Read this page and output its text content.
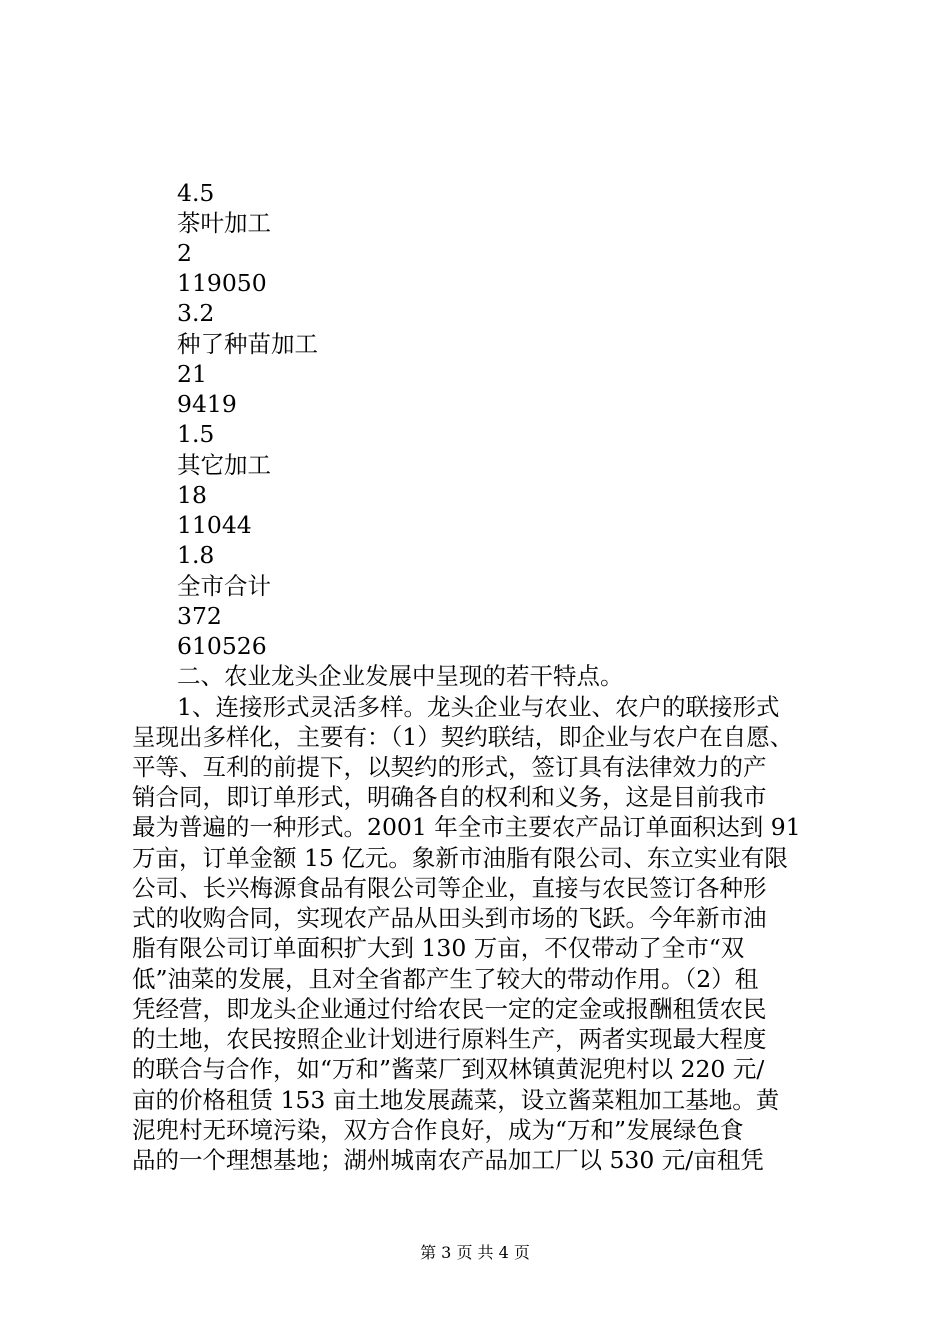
4.5
茶叶加工
2
119050
3.2
种了种苗加工
21
9419
1.5
其它加工
18
11044
1.8
全市合计
372
610526
二、农业龙头企业发展中呈现的若干特点。
1、连接形式灵活多样。龙头企业与农业、农户的联接形式
呈现出多样化，主要有：（1）契约联结，即企业与农户在自愿、
平等、互利的前提下，以契约的形式，签订具有法律效力的产
销合同，即订单形式，明确各自的权利和义务，这是目前我市
最为普遍的一种形式。2001 年全市主要农产品订单面积达到 91
万亩，订单金额 15 亿元。象新市油脂有限公司、东立实业有限
公司、长兴梅源食品有限公司等企业，直接与农民签订各种形
式的收购合同，实现农产品从田头到市场的飞跃。今年新市油
脂有限公司订单面积扩大到 130 万亩，不仅带动了全市“双
低”油菜的发展，且对全省都产生了较大的带动作用。（2）租
凭经营，即龙头企业通过付给农民一定的定金或报酬租赁农民
的土地，农民按照企业计划进行原料生产，两者实现最大程度
的联合与合作，如“万和”酱菜厂到双林镇黄泥兜村以 220 元/
亩的价格租赁 153 亩土地发展蔬菜，设立酱菜粗加工基地。黄
泥兜村无环境污染，双方合作良好，成为“万和”发展绿色食
品的一个理想基地；湖州城南农产品加工厂以 530 元/亩租凭
第 3 页 共 4 页
